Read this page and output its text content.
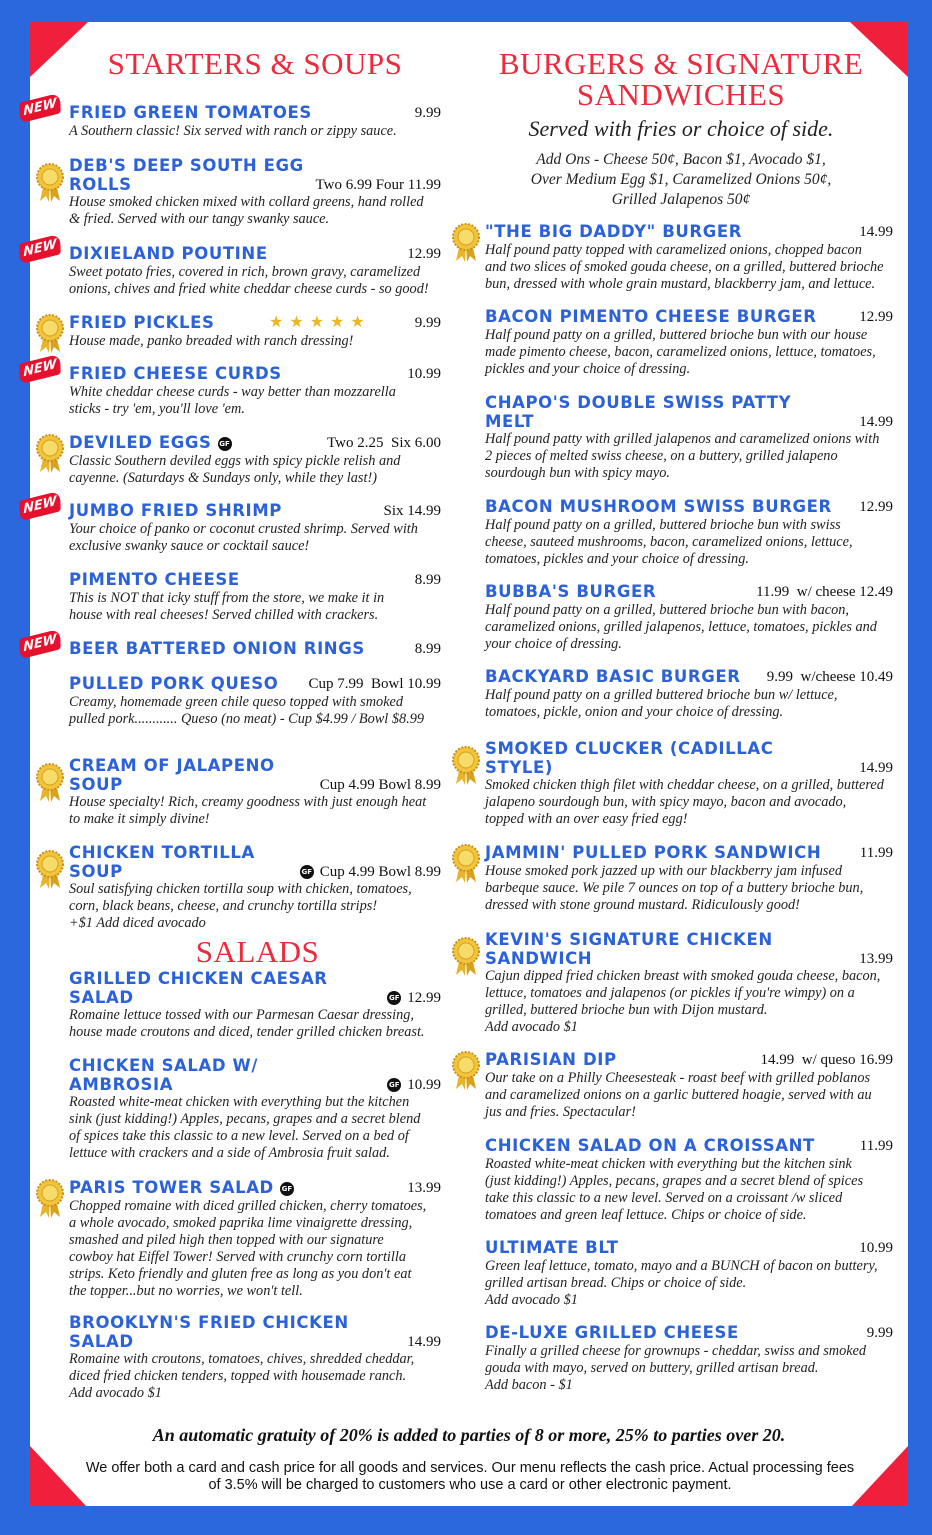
STARTERS & SOUPS
SALADS
BURGERS & SIGNATURE
SANDWICHES
Served with fries or choice of side.
Add Ons - Cheese 50¢, Bacon $1, Avocado $1,
Over Medium Egg $1, Caramelized Onions 50¢,
Grilled Jalapenos 50¢
NEW FRIED GREEN TOMATOES	9.99
A Southern classic! Six served with ranch or zippy sauce.
DEB'S DEEP SOUTH EGG
ROLLS	Two 6.99 Four 11.99
House smoked chicken mixed with collard greens, hand rolled
& fried. Served with our tangy swanky sauce.
NEW DIXIELAND POUTINE	12.99
Sweet potato fries, covered in rich, brown gravy, caramelized
onions, chives and fried white cheddar cheese curds - so good!
FRIED PICKLES	9.99
House made, panko breaded with ranch dressing!
★★★★★
NEW FRIED CHEESE CURDS	10.99
White cheddar cheese curds - way better than mozzarella
sticks - try 'em, you'll love 'em.
DEVILED EGGS GF	Two 2.25  Six 6.00
Classic Southern deviled eggs with spicy pickle relish and
cayenne. (Saturdays & Sundays only, while they last!)
NEW JUMBO FRIED SHRIMP	Six 14.99
Your choice of panko or coconut crusted shrimp. Served with
exclusive swanky sauce or cocktail sauce!
PIMENTO CHEESE	8.99
This is NOT that icky stuff from the store, we make it in
house with real cheeses! Served chilled with crackers.
NEW BEER BATTERED ONION RINGS	8.99
PULLED PORK QUESO	Cup 7.99  Bowl 10.99
Creamy, homemade green chile queso topped with smoked
pulled pork............ Queso (no meat) - Cup $4.99 / Bowl $8.99
CREAM OF JALAPENO
SOUP	Cup 4.99 Bowl 8.99
House specialty! Rich, creamy goodness with just enough heat
to make it simply divine!
CHICKEN TORTILLA
SOUP	GF Cup 4.99 Bowl 8.99
Soul satisfying chicken tortilla soup with chicken, tomatoes,
corn, black beans, cheese, and crunchy tortilla strips!
+$1 Add diced avocado
GRILLED CHICKEN CAESAR
SALAD	GF 12.99
Romaine lettuce tossed with our Parmesan Caesar dressing,
house made croutons and diced, tender grilled chicken breast.
CHICKEN SALAD W/
AMBROSIA	GF 10.99
Roasted white-meat chicken with everything but the kitchen
sink (just kidding!) Apples, pecans, grapes and a secret blend
of spices take this classic to a new level. Served on a bed of
lettuce with crackers and a side of Ambrosia fruit salad.
PARIS TOWER SALAD GF	13.99
Chopped romaine with diced grilled chicken, cherry tomatoes,
a whole avocado, smoked paprika lime vinaigrette dressing,
smashed and piled high then topped with our signature
cowboy hat Eiffel Tower! Served with crunchy corn tortilla
strips. Keto friendly and gluten free as long as you don't eat
the topper...but no worries, we won't tell.
BROOKLYN'S FRIED CHICKEN
SALAD	14.99
Romaine with croutons, tomatoes, chives, shredded cheddar,
diced fried chicken tenders, topped with housemade ranch.
Add avocado $1
"THE BIG DADDY" BURGER	14.99
Half pound patty topped with caramelized onions, chopped bacon
and two slices of smoked gouda cheese, on a grilled, buttered brioche
bun, dressed with whole grain mustard, blackberry jam, and lettuce.
BACON PIMENTO CHEESE BURGER	12.99
Half pound patty on a grilled, buttered brioche bun with our house
made pimento cheese, bacon, caramelized onions, lettuce, tomatoes,
pickles and your choice of dressing.
CHAPO'S DOUBLE SWISS PATTY
MELT	14.99
Half pound patty with grilled jalapenos and caramelized onions with
2 pieces of melted swiss cheese, on a buttery, grilled jalapeno
sourdough bun with spicy mayo.
BACON MUSHROOM SWISS BURGER	12.99
Half pound patty on a grilled, buttered brioche bun with swiss
cheese, sauteed mushrooms, bacon, caramelized onions, lettuce,
tomatoes, pickles and your choice of dressing.
BUBBA'S BURGER	11.99  w/ cheese 12.49
Half pound patty on a grilled, buttered brioche bun with bacon,
caramelized onions, grilled jalapenos, lettuce, tomatoes, pickles and
your choice of dressing.
BACKYARD BASIC BURGER	9.99  w/cheese 10.49
Half pound patty on a grilled buttered brioche bun w/ lettuce,
tomatoes, pickle, onion and your choice of dressing.
SMOKED CLUCKER (CADILLAC
STYLE)	14.99
Smoked chicken thigh filet with cheddar cheese, on a grilled, buttered
jalapeno sourdough bun, with spicy mayo, bacon and avocado,
topped with an over easy fried egg!
JAMMIN' PULLED PORK SANDWICH	11.99
House smoked pork jazzed up with our blackberry jam infused
barbeque sauce. We pile 7 ounces on top of a buttery brioche bun,
dressed with stone ground mustard. Ridiculously good!
KEVIN'S SIGNATURE CHICKEN
SANDWICH	13.99
Cajun dipped fried chicken breast with smoked gouda cheese, bacon,
lettuce, tomatoes and jalapenos (or pickles if you're wimpy) on a
grilled, buttered brioche bun with Dijon mustard.
Add avocado $1
PARISIAN DIP	14.99  w/ queso 16.99
Our take on a Philly Cheesesteak - roast beef with grilled poblanos
and caramelized onions on a garlic buttered hoagie, served with au
jus and fries. Spectacular!
CHICKEN SALAD ON A CROISSANT	11.99
Roasted white-meat chicken with everything but the kitchen sink
(just kidding!) Apples, pecans, grapes and a secret blend of spices
take this classic to a new level. Served on a croissant /w sliced
tomatoes and green leaf lettuce. Chips or choice of side.
ULTIMATE BLT	10.99
Green leaf lettuce, tomato, mayo and a BUNCH of bacon on buttery,
grilled artisan bread. Chips or choice of side.
Add avocado $1
DE-LUXE GRILLED CHEESE	9.99
Finally a grilled cheese for grownups - cheddar, swiss and smoked
gouda with mayo, served on buttery, grilled artisan bread.
Add bacon - $1
An automatic gratuity of 20% is added to parties of 8 or more, 25% to parties over 20.
We offer both a card and cash price for all goods and services. Our menu reflects the cash price. Actual processing fees
of 3.5% will be charged to customers who use a card or other electronic payment.
